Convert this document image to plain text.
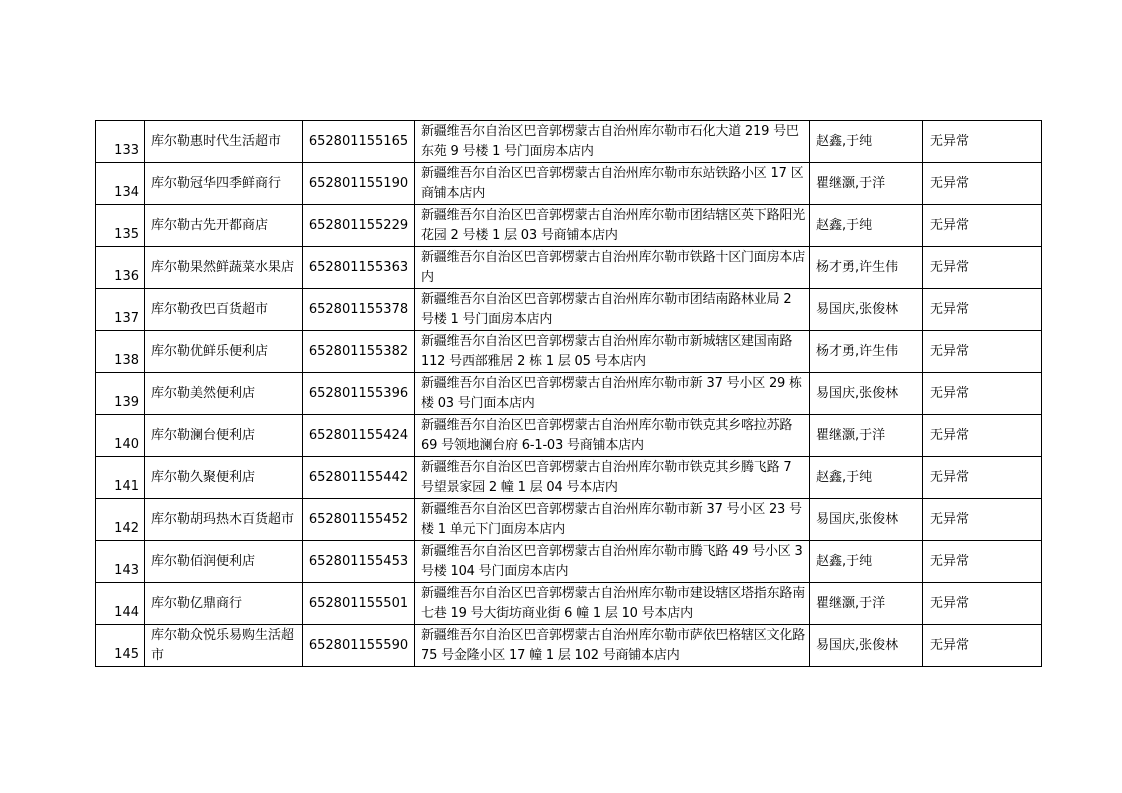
133	库尔勒惠时代生活超市	652801155165	新疆维吾尔自治区巴音郭楞蒙古自治州库尔勒市石化大道 219 号巴东苑 9 号楼 1 号门面房本店内	赵鑫,于纯	无异常
134	库尔勒冠华四季鲜商行	652801155190	新疆维吾尔自治区巴音郭楞蒙古自治州库尔勒市东站铁路小区 17 区商铺本店内	瞿继灏,于洋	无异常
135	库尔勒古先开都商店	652801155229	新疆维吾尔自治区巴音郭楞蒙古自治州库尔勒市团结辖区英下路阳光花园 2 号楼 1 层 03 号商铺本店内	赵鑫,于纯	无异常
136	库尔勒果然鲜蔬菜水果店	652801155363	新疆维吾尔自治区巴音郭楞蒙古自治州库尔勒市铁路十区门面房本店内	杨才勇,许生伟	无异常
137	库尔勒孜巴百货超市	652801155378	新疆维吾尔自治区巴音郭楞蒙古自治州库尔勒市团结南路林业局 2 号楼 1 号门面房本店内	易国庆,张俊林	无异常
138	库尔勒优鲜乐便利店	652801155382	新疆维吾尔自治区巴音郭楞蒙古自治州库尔勒市新城辖区建国南路 112 号西部雅居 2 栋 1 层 05 号本店内	杨才勇,许生伟	无异常
139	库尔勒美然便利店	652801155396	新疆维吾尔自治区巴音郭楞蒙古自治州库尔勒市新 37 号小区 29 栋楼 03 号门面本店内	易国庆,张俊林	无异常
140	库尔勒澜台便利店	652801155424	新疆维吾尔自治区巴音郭楞蒙古自治州库尔勒市铁克其乡喀拉苏路 69 号领地澜台府 6-1-03 号商铺本店内	瞿继灏,于洋	无异常
141	库尔勒久聚便利店	652801155442	新疆维吾尔自治区巴音郭楞蒙古自治州库尔勒市铁克其乡腾飞路 7 号望景家园 2 幢 1 层 04 号本店内	赵鑫,于纯	无异常
142	库尔勒胡玛热木百货超市	652801155452	新疆维吾尔自治区巴音郭楞蒙古自治州库尔勒市新 37 号小区 23 号楼 1 单元下门面房本店内	易国庆,张俊林	无异常
143	库尔勒佰润便利店	652801155453	新疆维吾尔自治区巴音郭楞蒙古自治州库尔勒市腾飞路 49 号小区 3 号楼 104 号门面房本店内	赵鑫,于纯	无异常
144	库尔勒亿鼎商行	652801155501	新疆维吾尔自治区巴音郭楞蒙古自治州库尔勒市建设辖区塔指东路南七巷 19 号大街坊商业街 6 幢 1 层 10 号本店内	瞿继灏,于洋	无异常
145	库尔勒众悦乐易购生活超市	652801155590	新疆维吾尔自治区巴音郭楞蒙古自治州库尔勒市萨依巴格辖区文化路 75 号金隆小区 17 幢 1 层 102 号商铺本店内	易国庆,张俊林	无异常
